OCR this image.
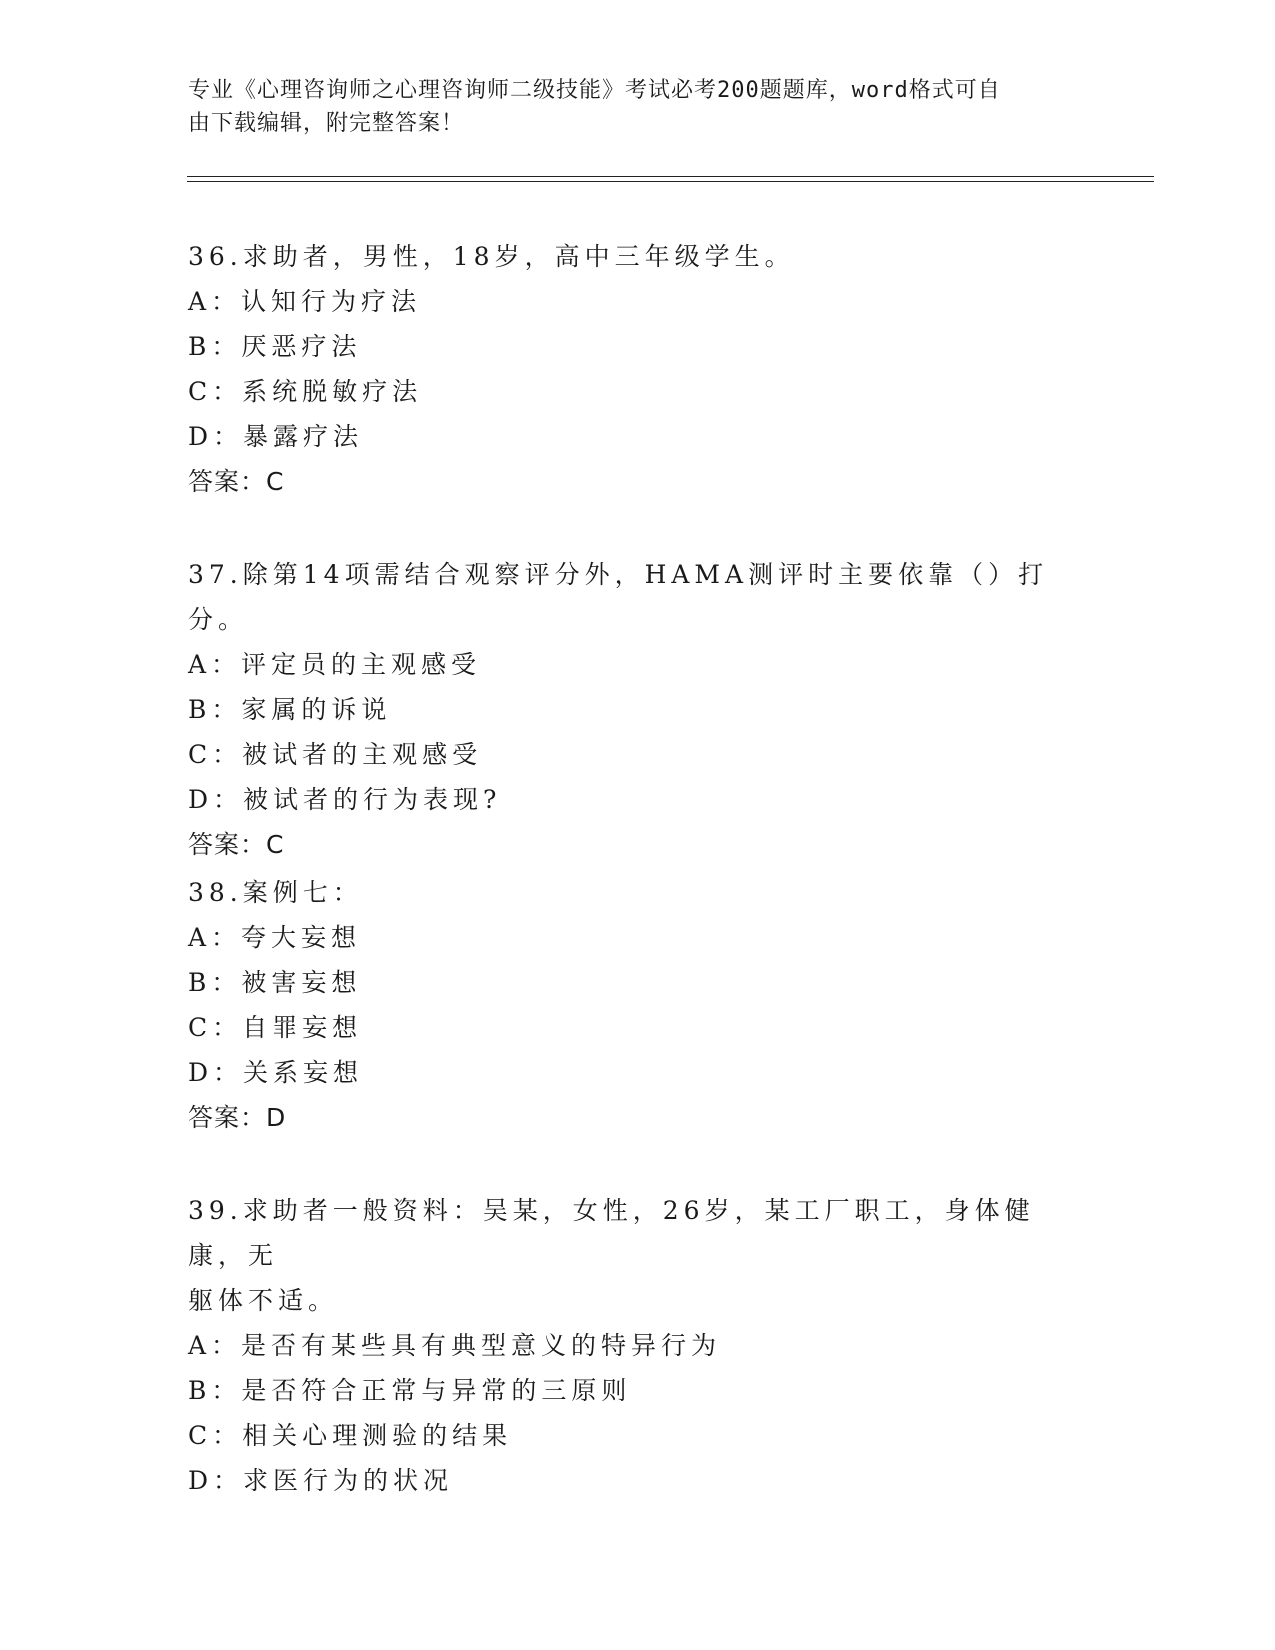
专业《心理咨询师之心理咨询师二级技能》考试必考200题题库，word格式可自

由下载编辑，附完整答案！

36.求助者，男性，18岁，高中三年级学生。

A：认知行为疗法

B：厌恶疗法

C：系统脱敏疗法

D：暴露疗法

答案：C

37.除第14项需结合观察评分外，HAMA测评时主要依靠（）打分。

A：评定员的主观感受

B：家属的诉说

C：被试者的主观感受

D：被试者的行为表现?

答案：C

38.案例七：

A：夸大妄想

B：被害妄想

C：自罪妄想

D：关系妄想

答案：D

39.求助者一般资料：吴某，女性，26岁，某工厂职工，身体健康，无

躯体不适。

A：是否有某些具有典型意义的特异行为

B：是否符合正常与异常的三原则

C：相关心理测验的结果

D：求医行为的状况
